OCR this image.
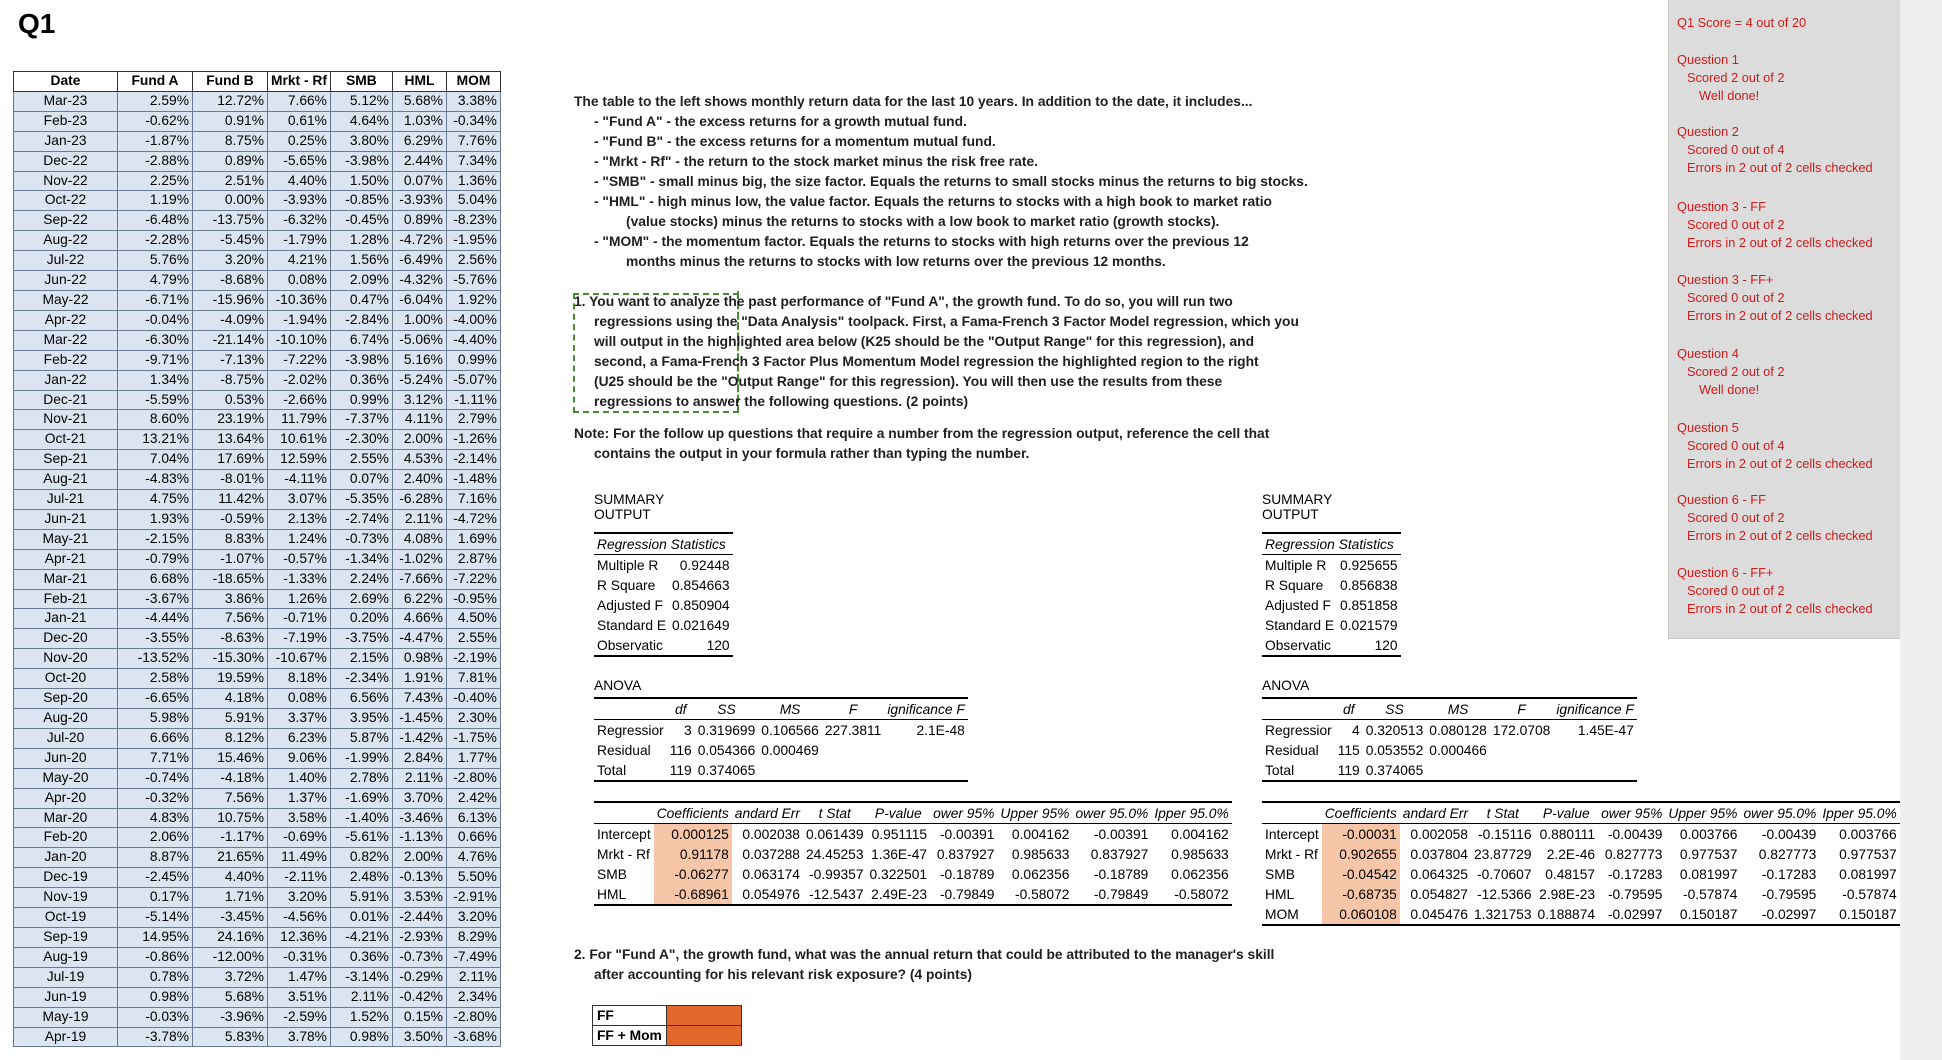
Q1
Date	Fund A	Fund B	Mrkt - Rf	SMB	HML	MOM
Mar-23	2.59%	12.72%	7.66%	5.12%	5.68%	3.38%
Feb-23	-0.62%	0.91%	0.61%	4.64%	1.03%	-0.34%
Jan-23	-1.87%	8.75%	0.25%	3.80%	6.29%	7.76%
Dec-22	-2.88%	0.89%	-5.65%	-3.98%	2.44%	7.34%
Nov-22	2.25%	2.51%	4.40%	1.50%	0.07%	1.36%
Oct-22	1.19%	0.00%	-3.93%	-0.85%	-3.93%	5.04%
Sep-22	-6.48%	-13.75%	-6.32%	-0.45%	0.89%	-8.23%
Aug-22	-2.28%	-5.45%	-1.79%	1.28%	-4.72%	-1.95%
Jul-22	5.76%	3.20%	4.21%	1.56%	-6.49%	2.56%
Jun-22	4.79%	-8.68%	0.08%	2.09%	-4.32%	-5.76%
May-22	-6.71%	-15.96%	-10.36%	0.47%	-6.04%	1.92%
Apr-22	-0.04%	-4.09%	-1.94%	-2.84%	1.00%	-4.00%
Mar-22	-6.30%	-21.14%	-10.10%	6.74%	-5.06%	-4.40%
Feb-22	-9.71%	-7.13%	-7.22%	-3.98%	5.16%	0.99%
Jan-22	1.34%	-8.75%	-2.02%	0.36%	-5.24%	-5.07%
Dec-21	-5.59%	0.53%	-2.66%	0.99%	3.12%	-1.11%
Nov-21	8.60%	23.19%	11.79%	-7.37%	4.11%	2.79%
Oct-21	13.21%	13.64%	10.61%	-2.30%	2.00%	-1.26%
Sep-21	7.04%	17.69%	12.59%	2.55%	4.53%	-2.14%
Aug-21	-4.83%	-8.01%	-4.11%	0.07%	2.40%	-1.48%
Jul-21	4.75%	11.42%	3.07%	-5.35%	-6.28%	7.16%
Jun-21	1.93%	-0.59%	2.13%	-2.74%	2.11%	-4.72%
May-21	-2.15%	8.83%	1.24%	-0.73%	4.08%	1.69%
Apr-21	-0.79%	-1.07%	-0.57%	-1.34%	-1.02%	2.87%
Mar-21	6.68%	-18.65%	-1.33%	2.24%	-7.66%	-7.22%
Feb-21	-3.67%	3.86%	1.26%	2.69%	6.22%	-0.95%
Jan-21	-4.44%	7.56%	-0.71%	0.20%	4.66%	4.50%
Dec-20	-3.55%	-8.63%	-7.19%	-3.75%	-4.47%	2.55%
Nov-20	-13.52%	-15.30%	-10.67%	2.15%	0.98%	-2.19%
Oct-20	2.58%	19.59%	8.18%	-2.34%	1.91%	7.81%
Sep-20	-6.65%	4.18%	0.08%	6.56%	7.43%	-0.40%
Aug-20	5.98%	5.91%	3.37%	3.95%	-1.45%	2.30%
Jul-20	6.66%	8.12%	6.23%	5.87%	-1.42%	-1.75%
Jun-20	7.71%	15.46%	9.06%	-1.99%	2.84%	1.77%
May-20	-0.74%	-4.18%	1.40%	2.78%	2.11%	-2.80%
Apr-20	-0.32%	7.56%	1.37%	-1.69%	3.70%	2.42%
Mar-20	4.83%	10.75%	3.58%	-1.40%	-3.46%	6.13%
Feb-20	2.06%	-1.17%	-0.69%	-5.61%	-1.13%	0.66%
Jan-20	8.87%	21.65%	11.49%	0.82%	2.00%	4.76%
Dec-19	-2.45%	4.40%	-2.11%	2.48%	-0.13%	5.50%
Nov-19	0.17%	1.71%	3.20%	5.91%	3.53%	-2.91%
Oct-19	-5.14%	-3.45%	-4.56%	0.01%	-2.44%	3.20%
Sep-19	14.95%	24.16%	12.36%	-4.21%	-2.93%	8.29%
Aug-19	-0.86%	-12.00%	-0.31%	0.36%	-0.73%	-7.49%
Jul-19	0.78%	3.72%	1.47%	-3.14%	-0.29%	2.11%
Jun-19	0.98%	5.68%	3.51%	2.11%	-0.42%	2.34%
May-19	-0.03%	-3.96%	-2.59%	1.52%	0.15%	-2.80%
Apr-19	-3.78%	5.83%	3.78%	0.98%	3.50%	-3.68%
The table to the left shows monthly return data for the last 10 years. In addition to the date, it includes...
- "Fund A" - the excess returns for a growth mutual fund.
- "Fund B" - the excess returns for a momentum mutual fund.
- "Mrkt - Rf" - the return to the stock market minus the risk free rate.
- "SMB" - small minus big, the size factor. Equals the returns to small stocks minus the returns to big stocks.
- "HML" - high minus low, the value factor. Equals the returns to stocks with a high book to market ratio
(value stocks) minus the returns to stocks with a low book to market ratio (growth stocks).
- "MOM" - the momentum factor. Equals the returns to stocks with high returns over the previous 12
months minus the returns to stocks with low returns over the previous 12 months.
1. You want to analyze the past performance of "Fund A", the growth fund. To do so, you will run two
regressions using the "Data Analysis" toolpack. First, a Fama-French 3 Factor Model regression, which you
will output in the highlighted area below (K25 should be the "Output Range" for this regression), and
second, a Fama-French 3 Factor Plus Momentum Model regression the highlighted region to the right
(U25 should be the "Output Range" for this regression). You will then use the results from these
regressions to answer the following questions. (2 points)
Note: For the follow up questions that require a number from the regression output, reference the cell that
contains the output in your formula rather than typing the number.
SUMMARY OUTPUT
Regression Statistics	
Multiple R	0.92448
R Square	0.854663
Adjusted F	0.850904
Standard E	0.021649
Observatic	120
ANOVA
	df	SS	MS	F	ignificance F
Regressior	3	0.319699	0.106566	227.3811	2.1E-48
Residual	116	0.054366	0.000469		
Total	119	0.374065			
	Coefficients	andard Err	t Stat	P-value	ower 95%	Upper 95%	ower 95.0%	Ipper 95.0%
Intercept	0.000125	0.002038	0.061439	0.951115	-0.00391	0.004162	-0.00391	0.004162
Mrkt - Rf	0.91178	0.037288	24.45253	1.36E-47	0.837927	0.985633	0.837927	0.985633
SMB	-0.06277	0.063174	-0.99357	0.322501	-0.18789	0.062356	-0.18789	0.062356
HML	-0.68961	0.054976	-12.5437	2.49E-23	-0.79849	-0.58072	-0.79849	-0.58072
SUMMARY OUTPUT
Regression Statistics	
Multiple R	0.925655
R Square	0.856838
Adjusted F	0.851858
Standard E	0.021579
Observatic	120
ANOVA
	df	SS	MS	F	ignificance F
Regressior	4	0.320513	0.080128	172.0708	1.45E-47
Residual	115	0.053552	0.000466		
Total	119	0.374065			
	Coefficients	andard Err	t Stat	P-value	ower 95%	Upper 95%	ower 95.0%	Ipper 95.0%
Intercept	-0.00031	0.002058	-0.15116	0.880111	-0.00439	0.003766	-0.00439	0.003766
Mrkt - Rf	0.902655	0.037804	23.87729	2.2E-46	0.827773	0.977537	0.827773	0.977537
SMB	-0.04542	0.064325	-0.70607	0.48157	-0.17283	0.081997	-0.17283	0.081997
HML	-0.68735	0.054827	-12.5366	2.98E-23	-0.79595	-0.57874	-0.79595	-0.57874
MOM	0.060108	0.045476	1.321753	0.188874	-0.02997	0.150187	-0.02997	0.150187
2. For "Fund A", the growth fund, what was the annual return that could be attributed to the manager's skill
after accounting for his relevant risk exposure? (4 points)
FF	
FF + Mom	
Q1 Score = 4 out of 20
Question 1
Scored 2 out of 2
Well done!
Question 2
Scored 0 out of 4
Errors in 2 out of 2 cells checked
Question 3 - FF
Scored 0 out of 2
Errors in 2 out of 2 cells checked
Question 3 - FF+
Scored 0 out of 2
Errors in 2 out of 2 cells checked
Question 4
Scored 2 out of 2
Well done!
Question 5
Scored 0 out of 4
Errors in 2 out of 2 cells checked
Question 6 - FF
Scored 0 out of 2
Errors in 2 out of 2 cells checked
Question 6 - FF+
Scored 0 out of 2
Errors in 2 out of 2 cells checked
